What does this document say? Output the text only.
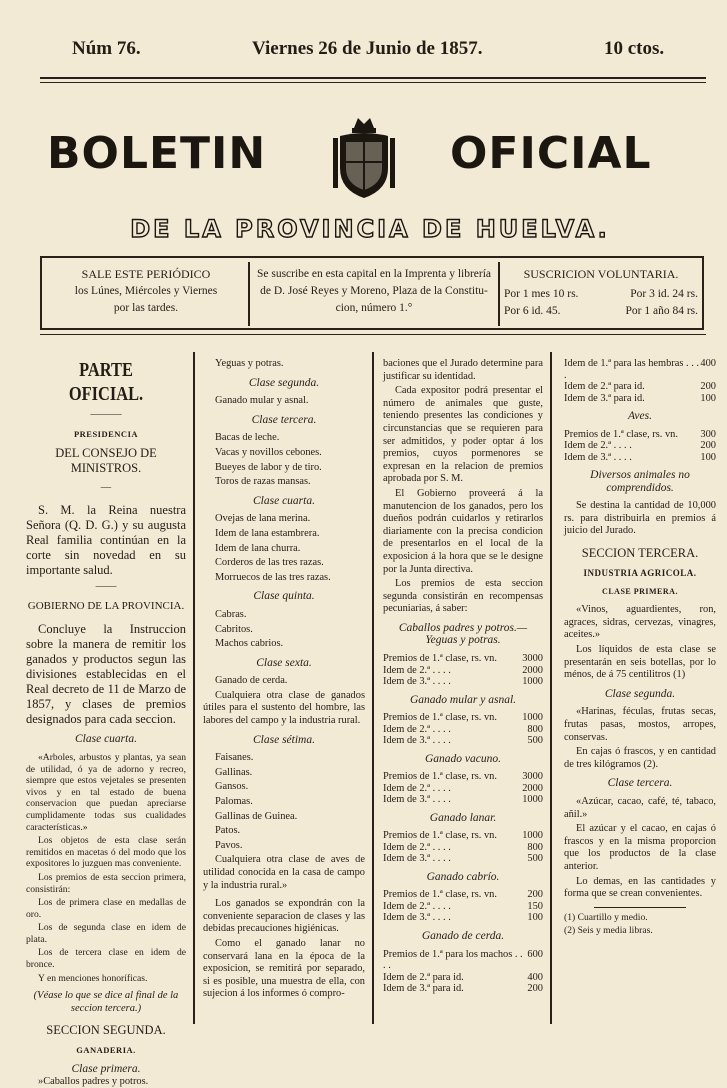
Núm 76.	Viernes 26 de Junio de 1857.	10 ctos.
BOLETIN	OFICIAL
DE LA PROVINCIA DE HUELVA.
SALE ESTE PERIÓDICO
los Lúnes, Miércoles y Viernes
por las tardes.
Se suscribe en esta capital en la Imprenta y librería
de D. José Reyes y Moreno, Plaza de la Constitu-
cion, número 1.°
SUSCRICION VOLUNTARIA.
Por 1 mes 10 rs.	Por 3 id. 24 rs.
Por 6 id. 45.	Por 1 año 84 rs.
PARTE OFICIAL.
———
PRESIDENCIA
DEL CONSEJO DE MINISTROS.
—

S. M. la Reina nuestra Señora (Q. D. G.) y su augusta Real familia continúan en la corte sin novedad en su importante salud.

——
GOBIERNO DE LA PROVINCIA.

Concluye la Instruccion sobre la manera de remitir los ganados y productos segun las divisiones establecidas en el Real decreto de 11 de Marzo de 1857, y clases de premios designados para cada seccion.

Clase cuarta.

«Arboles, arbustos y plantas, ya sean de utilidad, ó ya de adorno y recreo, siempre que estos vejetales se presenten vivos y en tal estado de buena conservacion que puedan apreciarse cumplidamente todas sus cualidades características.»

Los objetos de esta clase serán remitidos en macetas ó del modo que los expositores lo juzguen mas conveniente.

Los premios de esta seccion primera, consistirán:

Los de primera clase en medallas de oro.

Los de segunda clase en idem de plata.

Los de tercera clase en idem de bronce.

Y en menciones honoríficas.

(Véase lo que se dice al final de la seccion tercera.)
SECCION SEGUNDA.
GANADERIA.
Clase primera.

»Caballos padres y potros.

Yeguas y potras.

Clase segunda.

Ganado mular y asnal.

Clase tercera.

Bacas de leche.

Vacas y novillos cebones.

Bueyes de labor y de tiro.

Toros de razas mansas.

Clase cuarta.

Ovejas de lana merina.

Idem de lana estambrera.

Idem de lana churra.

Corderos de las tres razas.

Morruecos de las tres razas.

Clase quinta.

Cabras.

Cabritos.

Machos cabrios.

Clase sexta.

Ganado de cerda.

Cualquiera otra clase de ganados útiles para el sustento del hombre, las labores del campo y la industria rural.

Clase sétima.

Faisanes.

Gallinas.

Gansos.

Palomas.

Gallinas de Guinea.

Patos.

Pavos.

Cualquiera otra clase de aves de utilidad conocida en la casa de campo y la industria rural.»

Los ganados se expondrán con la conveniente separacion de clases y las debidas precauciones higiénicas.

Como el ganado lanar no conservará lana en la época de la exposicion, se remitirá por separado, si es posible, una muestra de ella, con sujecion á los informes ó compro-

baciones que el Jurado determine para justificar su identidad.

Cada expositor podrá presentar el número de animales que guste, teniendo presentes las condiciones y circunstancias que se requieren para ser admitidos, y poder optar á los premios, cuyos pormenores se expresan en la relacion de premios aprobada por S. M.

El Gobierno proveerá á la manutencion de los ganados, pero los dueños podrán cuidarlos y retirarlos diariamente con la precisa condicion de presentarlos en el local de la exposicion á la hora que se le designe por la Junta directiva.

Los premios de esta seccion segunda consistirán en recompensas pecuniarias, á saber:

Caballos padres y potros.—Yeguas y potras.
Premios de 1.ª clase, rs. vn.	3000
Idem de 2.ª . . . .	2000
Idem de 3.ª . . . .	1000
Ganado mular y asnal.
Premios de 1.ª clase, rs. vn.	1000
Idem de 2.ª . . . .	800
Idem de 3.ª . . . .	500
Ganado vacuno.
Premios de 1.ª clase, rs. vn.	3000
Idem de 2.ª . . . .	2000
Idem de 3.ª . . . .	1000
Ganado lanar.
Premios de 1.ª clase, rs. vn.	1000
Idem de 2.ª . . . .	800
Idem de 3.ª . . . .	500
Ganado cabrío.
Premios de 1.ª clase, rs. vn.	200
Idem de 2.ª . . . .	150
Idem de 3.ª . . . .	100
Ganado de cerda.
Premios de 1.ª para los machos . . . .	600
Idem de 2.ª para id.	400
Idem de 3.ª para id.	200
Idem de 1.ª para las hembras . . . .	400
Idem de 2.ª para id.	200
Idem de 3.ª para id.	100
Aves.
Premios de 1.ª clase, rs. vn.	300
Idem de 2.ª . . . .	200
Idem de 3.ª . . . .	100
Diversos animales no comprendidos.

Se destina la cantidad de 10,000 rs. para distribuirla en premios á juicio del Jurado.

SECCION TERCERA.
INDUSTRIA AGRICOLA.
CLASE PRIMERA.

«Vinos, aguardientes, ron, agraces, sidras, cervezas, vinagres, aceites.»

Los líquidos de esta clase se presentarán en seis botellas, por lo ménos, de á 75 centilitros (1)

Clase segunda.

«Harinas, féculas, frutas secas, frutas pasas, mostos, arropes, conservas.

En cajas ó frascos, y en cantidad de tres kilógramos (2).

Clase tercera.

«Azúcar, cacao, café, té, tabaco, añil.»

El azúcar y el cacao, en cajas ó frascos y en la misma proporcion que los productos de la clase anterior.

Lo demas, en las cantidades y forma que se crean convenientes.

(1) Cuartillo y medio.

(2) Seis y media libras.
